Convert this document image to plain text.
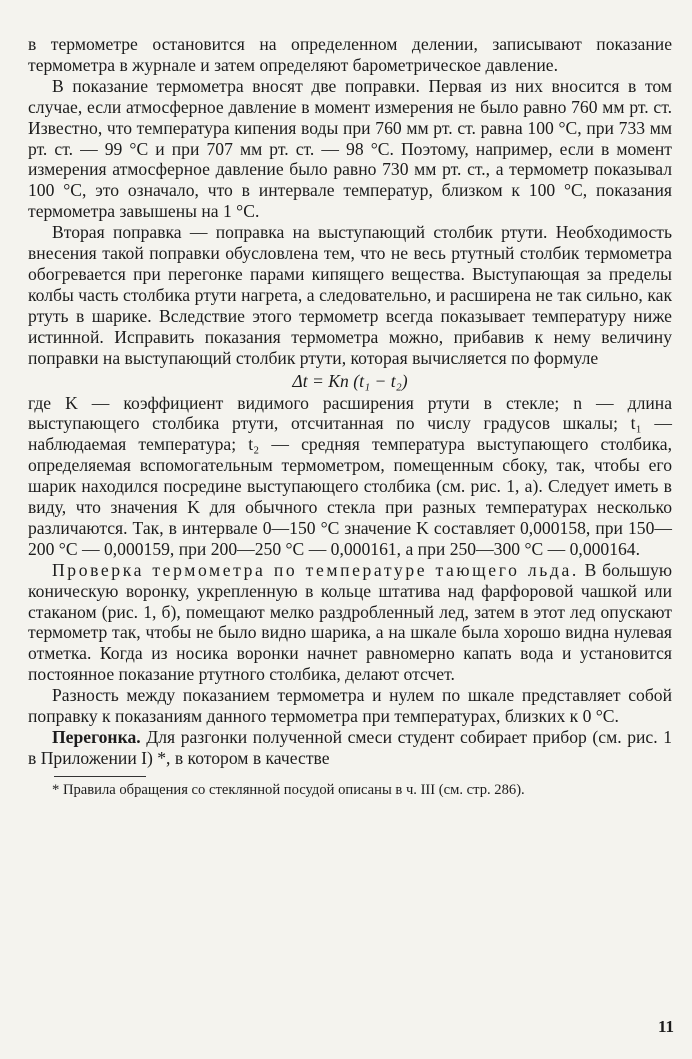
в термометре остановится на определенном делении, записывают показание термометра в журнале и затем определяют барометрическое давление.

В показание термометра вносят две поправки. Первая из них вносится в том случае, если атмосферное давление в момент измерения не было равно 760 мм рт. ст. Известно, что температура кипения воды при 760 мм рт. ст. равна 100 °С, при 733 мм рт. ст. — 99 °С и при 707 мм рт. ст. — 98 °С. Поэтому, например, если в момент измерения атмосферное давление было равно 730 мм рт. ст., а термометр показывал 100 °С, это означало, что в интервале температур, близком к 100 °С, показания термометра завышены на 1 °С.

Вторая поправка — поправка на выступающий столбик ртути. Необходимость внесения такой поправки обусловлена тем, что не весь ртутный столбик термометра обогревается при перегонке парами кипящего вещества. Выступающая за пределы колбы часть столбика ртути нагрета, а следовательно, и расширена не так сильно, как ртуть в шарике. Вследствие этого термометр всегда показывает температуру ниже истинной. Исправить показания термометра можно, прибавив к нему величину поправки на выступающий столбик ртути, которая вычисляется по формуле

Δt = Kn (t₁ − t₂)

где K — коэффициент видимого расширения ртути в стекле; n — длина выступающего столбика ртути, отсчитанная по числу градусов шкалы; t₁ — наблюдаемая температура; t₂ — средняя температура выступающего столбика, определяемая вспомогательным термометром, помещенным сбоку, так, чтобы его шарик находился посредине выступающего столбика (см. рис. 1, а). Следует иметь в виду, что значения K для обычного стекла при разных температурах несколько различаются. Так, в интервале 0—150 °С значение K составляет 0,000158, при 150—200 °С — 0,000159, при 200—250 °С — 0,000161, а при 250—300 °С — 0,000164.

Проверка термометра по температуре тающего льда. В большую коническую воронку, укрепленную в кольце штатива над фарфоровой чашкой или стаканом (рис. 1, б), помещают мелко раздробленный лед, затем в этот лед опускают термометр так, чтобы не было видно шарика, а на шкале была хорошо видна нулевая отметка. Когда из носика воронки начнет равномерно капать вода и установится постоянное показание ртутного столбика, делают отсчет.

Разность между показанием термометра и нулем по шкале представляет собой поправку к показаниям данного термометра при температурах, близких к 0 °С.

Перегонка. Для разгонки полученной смеси студент собирает прибор (см. рис. 1 в Приложении I) *, в котором в качестве

* Правила обращения со стеклянной посудой описаны в ч. III (см. стр. 286).

11
